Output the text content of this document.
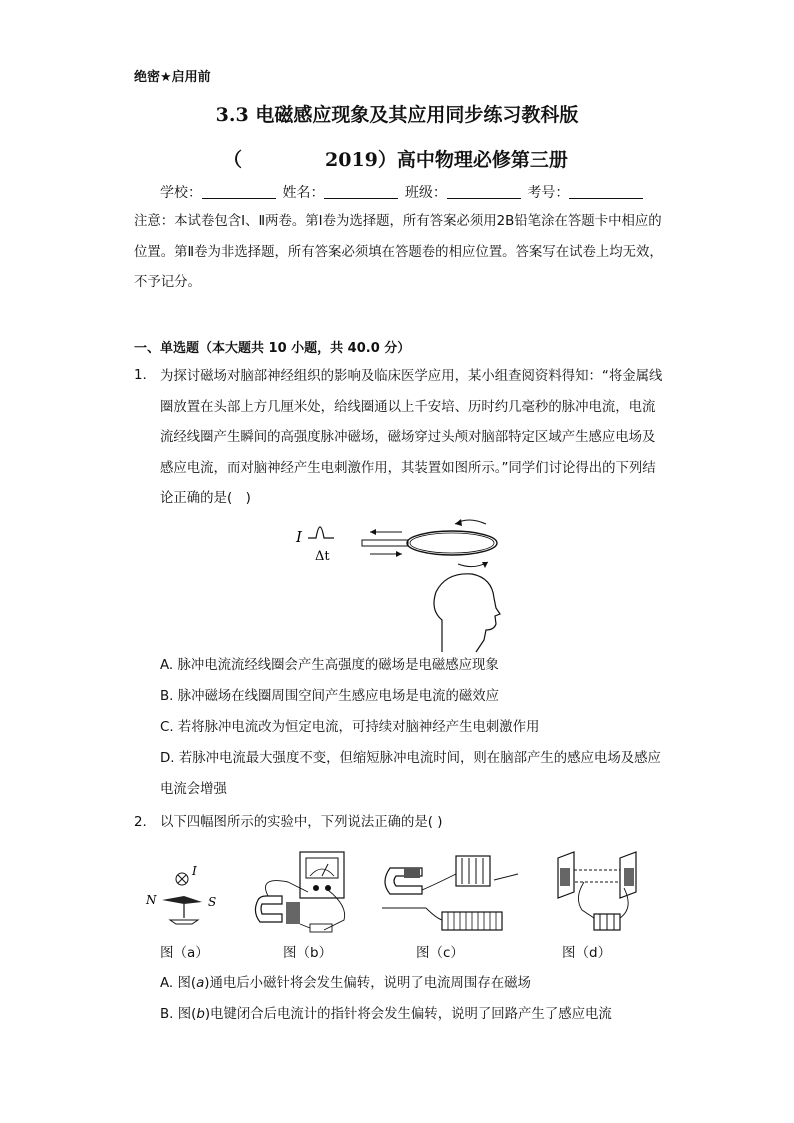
绝密★启用前
3.3 电磁感应现象及其应用同步练习教科版
（	2019）高中物理必修第三册
学校：	姓名：	班级：	考号：
注意：本试卷包含Ⅰ、Ⅱ两卷。第Ⅰ卷为选择题，所有答案必须用2B铅笔涂在答题卡中相应的位置。第Ⅱ卷为非选择题，所有答案必须填在答题卷的相应位置。答案写在试卷上均无效，不予记分。
一、单选题（本大题共 10 小题，共 40.0 分）
1. 为探讨磁场对脑部神经组织的影响及临床医学应用，某小组查阅资料得知：“将金属线圈放置在头部上方几厘米处，给线圈通以上千安培、历时约几毫秒的脉冲电流，电流流经线圈产生瞬间的高强度脉冲磁场，磁场穿过头颅对脑部特定区域产生感应电场及感应电流，而对脑神经产生电刺激作用，其装置如图所示。”同学们讨论得出的下列结论正确的是(　)
I
Δt
A. 脉冲电流流经线圈会产生高强度的磁场是电磁感应现象
B. 脉冲磁场在线圈周围空间产生感应电场是电流的磁效应
C. 若将脉冲电流改为恒定电流，可持续对脑神经产生电刺激作用
D. 若脉冲电流最大强度不变，但缩短脉冲电流时间，则在脑部产生的感应电场及感应电流会增强
2. 以下四幅图所示的实验中，下列说法正确的是( )
I
N	S
图（a）	图（b）	图（c）	图（d）
A. 图(a)通电后小磁针将会发生偏转，说明了电流周围存在磁场
B. 图(b)电键闭合后电流计的指针将会发生偏转，说明了回路产生了感应电流
